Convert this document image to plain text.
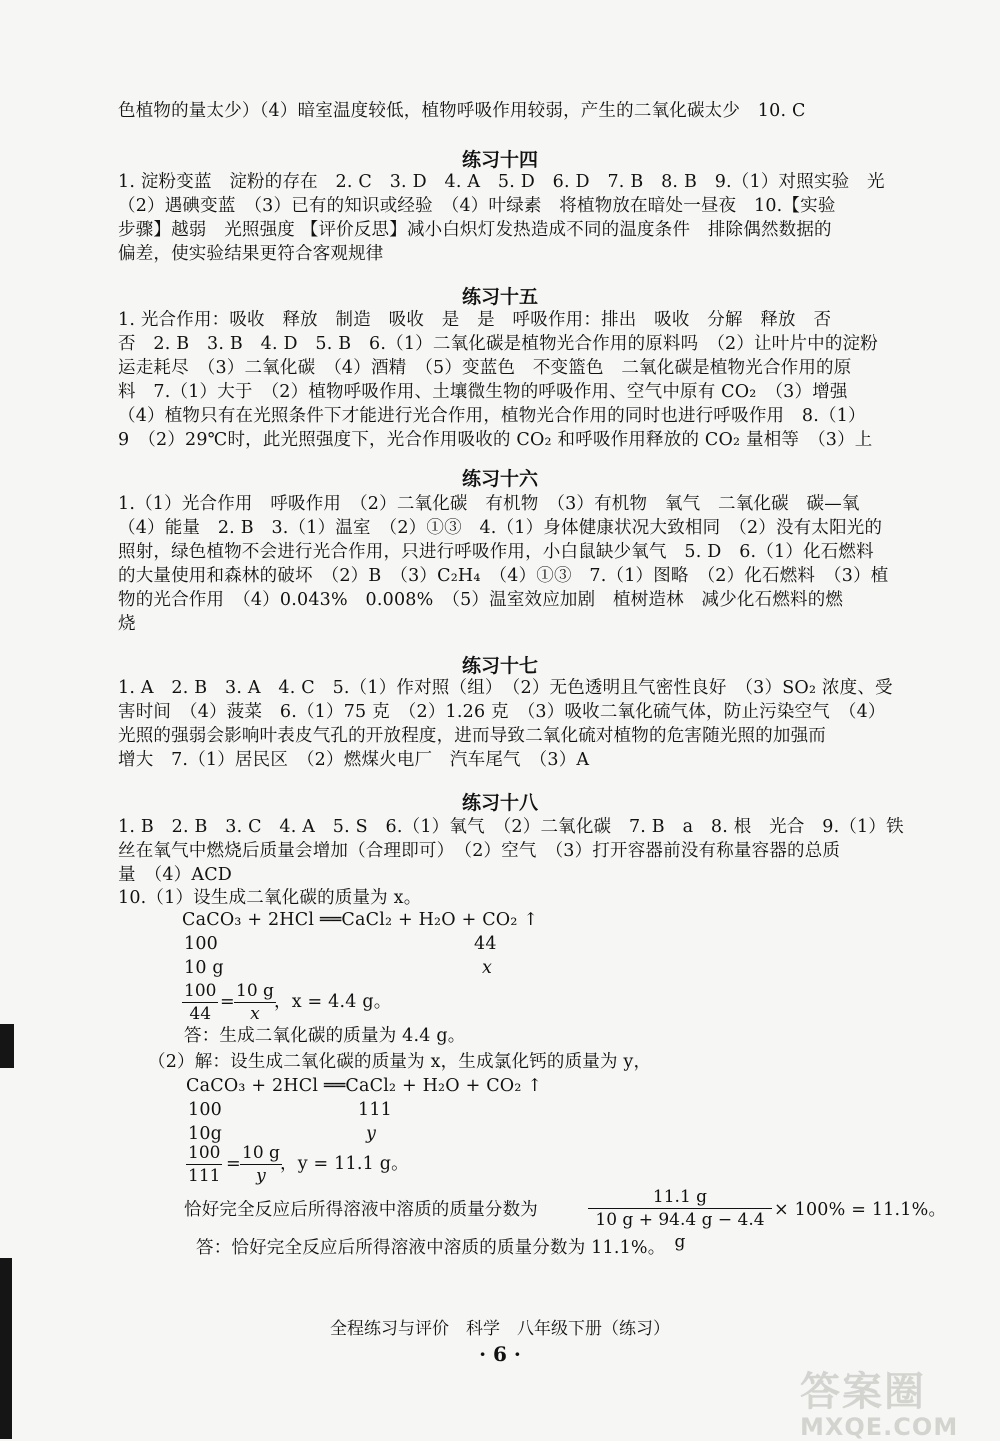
色植物的量太少）（4）暗室温度较低，植物呼吸作用较弱，产生的二氧化碳太少　10. C
练习十四
1. 淀粉变蓝　淀粉的存在　2. C　3. D　4. A　5. D　6. D　7. B　8. B　9.（1）对照实验　光
（2）遇碘变蓝　（3）已有的知识或经验　（4）叶绿素　将植物放在暗处一昼夜　10.【实验
步骤】越弱　光照强度 【评价反思】减小白炽灯发热造成不同的温度条件　排除偶然数据的
偏差，使实验结果更符合客观规律
练习十五
1. 光合作用：吸收　释放　制造　吸收　是　是　呼吸作用：排出　吸收　分解　释放　否
否　2. B　3. B　4. D　5. B　6.（1）二氧化碳是植物光合作用的原料吗　（2）让叶片中的淀粉
运走耗尽　（3）二氧化碳　（4）酒精　（5）变蓝色　不变篮色　二氧化碳是植物光合作用的原
料　7.（1）大于　（2）植物呼吸作用、土壤微生物的呼吸作用、空气中原有 CO₂　（3）增强
（4）植物只有在光照条件下才能进行光合作用，植物光合作用的同时也进行呼吸作用　8.（1）
9　（2）29℃时，此光照强度下，光合作用吸收的 CO₂ 和呼吸作用释放的 CO₂ 量相等　（3）上
练习十六
1.（1）光合作用　呼吸作用　（2）二氧化碳　有机物　（3）有机物　氧气　二氧化碳　碳—氧
（4）能量　2. B　3.（1）温室　（2）①③　4.（1）身体健康状况大致相同　（2）没有太阳光的
照射，绿色植物不会进行光合作用，只进行呼吸作用，小白鼠缺少氧气　5. D　6.（1）化石燃料
的大量使用和森林的破坏　（2）B　（3）C₂H₄　（4）①③　7.（1）图略　（2）化石燃料　（3）植
物的光合作用　（4）0.043%　0.008%　（5）温室效应加剧　植树造林　减少化石燃料的燃
烧
练习十七
1. A　2. B　3. A　4. C　5.（1）作对照（组）　（2）无色透明且气密性良好　（3）SO₂ 浓度、受
害时间　（4）菠菜　6.（1）75 克　（2）1.26 克　（3）吸收二氧化硫气体，防止污染空气　（4）
光照的强弱会影响叶表皮气孔的开放程度，进而导致二氧化硫对植物的危害随光照的加强而
增大　7.（1）居民区　（2）燃煤火电厂　汽车尾气　（3）A
练习十八
1. B　2. B　3. C　4. A　5. S　6.（1）氧气　（2）二氧化碳　7. B　a　8. 根　光合　9.（1）铁
丝在氧气中燃烧后质量会增加（合理即可）　（2）空气　（3）打开容器前没有称量容器的总质
量　（4）ACD
10.（1）设生成二氧化碳的质量为 x。
CaCO₃ + 2HCl ══CaCl₂ + H₂O + CO₂ ↑
100	44
10 g	x
$\frac{100}{44} = \frac{10 g}{x}$
，x = 4.4 g。
答：生成二氧化碳的质量为 4.4 g。
（2）解：设生成二氧化碳的质量为 x，生成氯化钙的质量为 y，
CaCO₃ + 2HCl ══CaCl₂ + H₂O + CO₂ ↑
100	111
10g	y
$\frac{100}{111} = \frac{10 g}{y}$
，y = 11.1 g。
恰好完全反应后所得溶液中溶质的质量分数为	$\frac{11.1 g}{10 g + 94.4 g - 4.4 g} \times 100\% = 11.1\%$。
答：恰好完全反应后所得溶液中溶质的质量分数为 11.1%。
全程练习与评价　科学　八年级下册（练习）
· 6 ·
答案圈
MXQE.COM
